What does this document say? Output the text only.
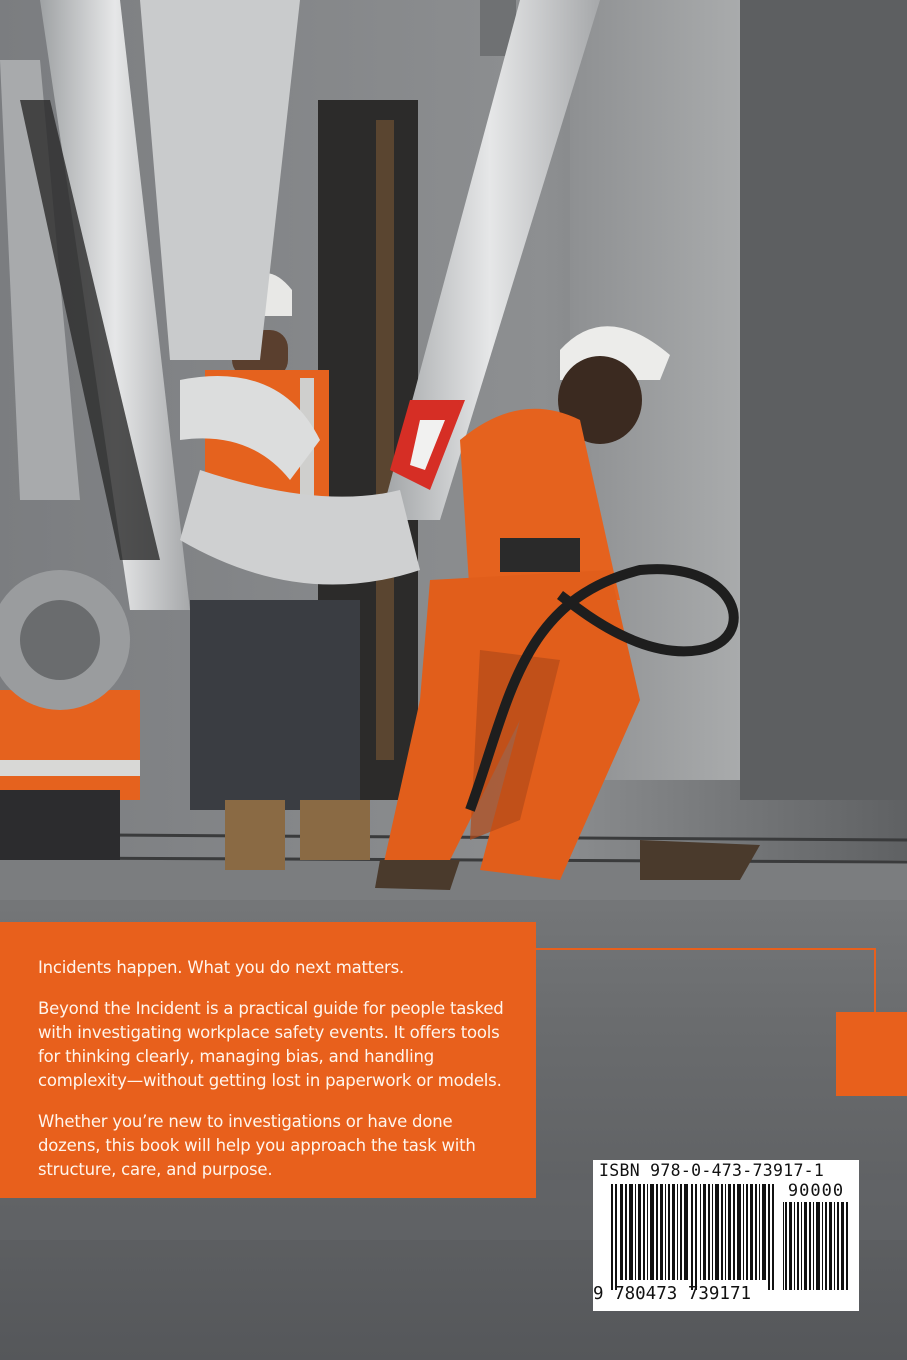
Incidents happen. What you do next matters.

Beyond the Incident is a practical guide for people tasked with investigating workplace safety events. It offers tools for thinking clearly, managing bias, and handling complexity—without getting lost in paperwork or models.

Whether you’re new to investigations or have done dozens, this book will help you approach the task with structure, care, and purpose.	ISBN 978-0-473-73917-1
90000
9 780473 739171
